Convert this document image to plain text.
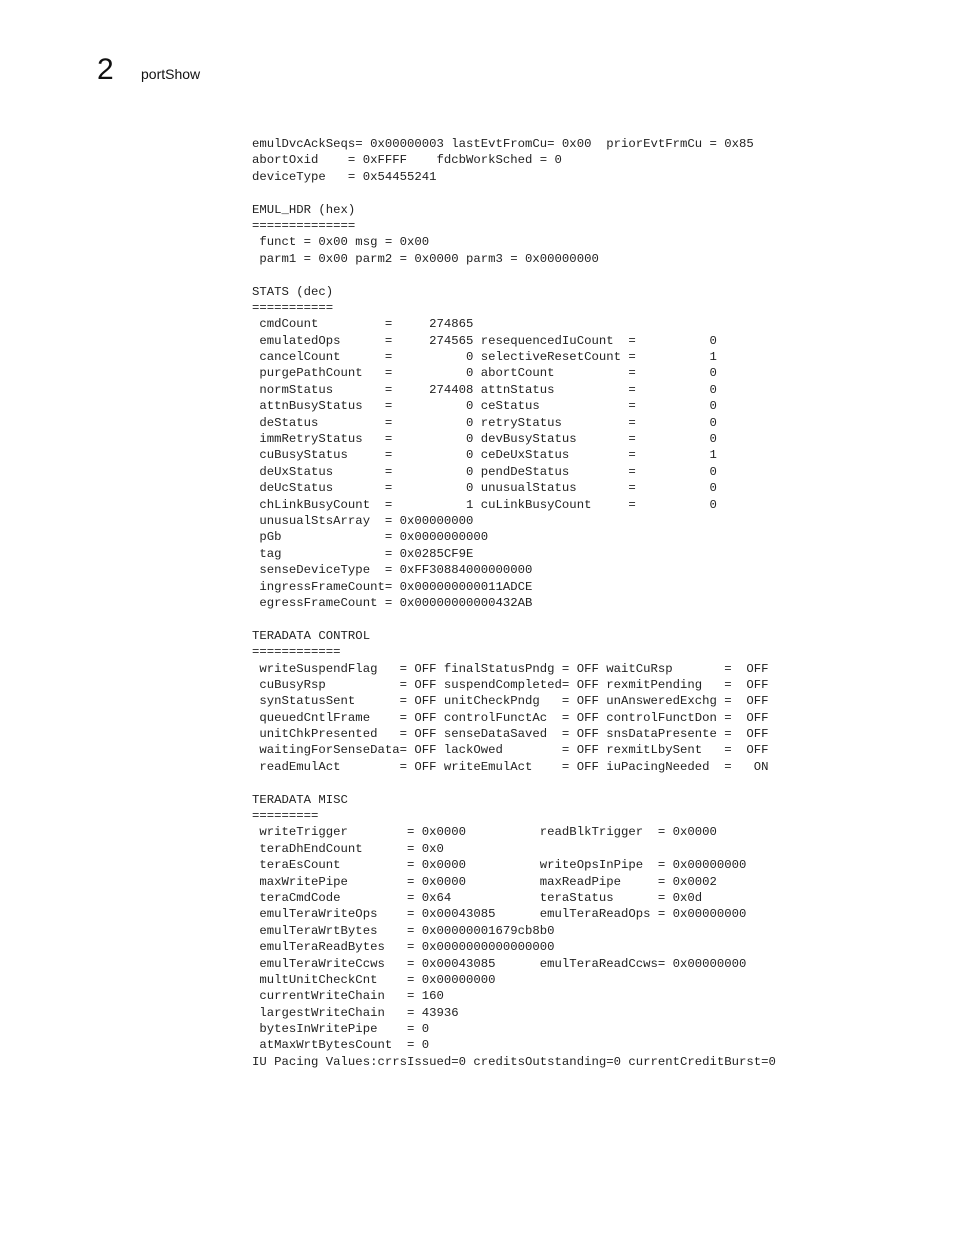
2 portShow
emulDvcAckSeqs= 0x00000003 lastEvtFromCu= 0x00  priorEvtFrmCu = 0x85
abortOxid    = 0xFFFF    fdcbWorkSched = 0
deviceType   = 0x54455241
EMUL_HDR (hex)
==============
funct = 0x00 msg = 0x00
parm1 = 0x00 parm2 = 0x0000 parm3 = 0x00000000
STATS (dec)
===========
cmdCount         =     274865
emulatedOps      =     274565 resequencedIuCount  =          0
cancelCount      =          0 selectiveResetCount =          1
purgePathCount   =          0 abortCount          =          0
normStatus       =     274408 attnStatus          =          0
attnBusyStatus   =          0 ceStatus            =          0
deStatus         =          0 retryStatus         =          0
immRetryStatus   =          0 devBusyStatus       =          0
cuBusyStatus     =          0 ceDeUxStatus        =          1
deUxStatus       =          0 pendDeStatus        =          0
deUcStatus       =          0 unusualStatus       =          0
chLinkBusyCount  =          1 cuLinkBusyCount     =          0
unusualStsArray  = 0x00000000
pGb              = 0x0000000000
tag              = 0x0285CF9E
senseDeviceType  = 0xFF30884000000000
ingressFrameCount= 0x000000000011ADCE
egressFrameCount = 0x00000000000432AB
TERADATA CONTROL
============
writeSuspendFlag   = OFF finalStatusPndg = OFF waitCuRsp       =  OFF
cuBusyRsp          = OFF suspendCompleted= OFF rexmitPending   =  OFF
synStatusSent      = OFF unitCheckPndg   = OFF unAnsweredExchg =  OFF
queuedCntlFrame    = OFF controlFunctAc  = OFF controlFunctDon =  OFF
unitChkPresented   = OFF senseDataSaved  = OFF snsDataPresente =  OFF
waitingForSenseData= OFF lackOwed        = OFF rexmitLbySent   =  OFF
readEmulAct        = OFF writeEmulAct    = OFF iuPacingNeeded  =   ON
TERADATA MISC
=========
writeTrigger        = 0x0000          readBlkTrigger  = 0x0000
teraDhEndCount      = 0x0
teraEsCount         = 0x0000          writeOpsInPipe  = 0x00000000
maxWritePipe        = 0x0000          maxReadPipe     = 0x0002
teraCmdCode         = 0x64            teraStatus      = 0x0d
emulTeraWriteOps    = 0x00043085      emulTeraReadOps = 0x00000000
emulTeraWrtBytes    = 0x00000001679cb8b0
emulTeraReadBytes   = 0x0000000000000000
emulTeraWriteCcws   = 0x00043085      emulTeraReadCcws= 0x00000000
multUnitCheckCnt    = 0x00000000
currentWriteChain   = 160
largestWriteChain   = 43936
bytesInWritePipe    = 0
atMaxWrtBytesCount  = 0
IU Pacing Values:crrsIssued=0 creditsOutstanding=0 currentCreditBurst=0
